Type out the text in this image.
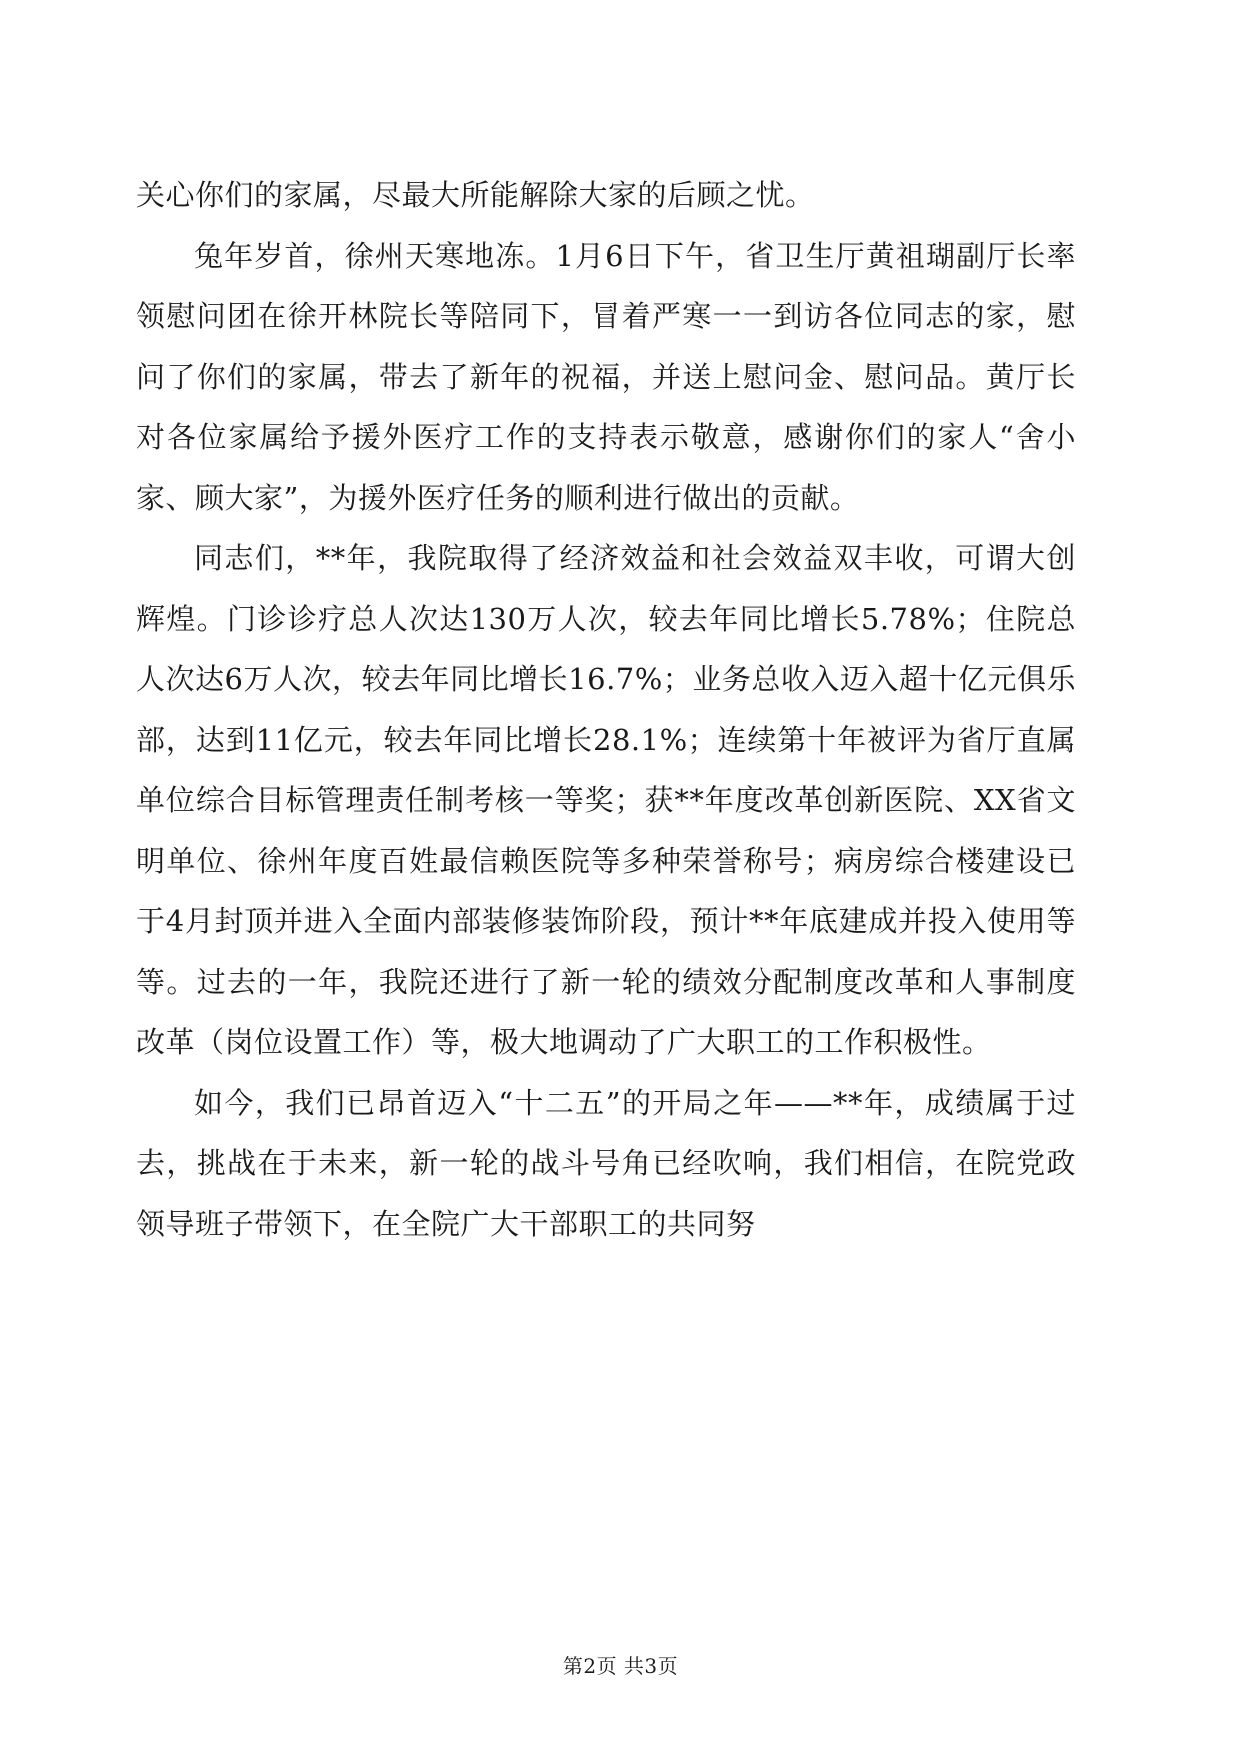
关心你们的家属，尽最大所能解除大家的后顾之忧。

兔年岁首，徐州天寒地冻。1月6日下午，省卫生厅黄祖瑚副厅长率领慰问团在徐开林院长等陪同下，冒着严寒一一到访各位同志的家，慰问了你们的家属，带去了新年的祝福，并送上慰问金、慰问品。黄厅长对各位家属给予援外医疗工作的支持表示敬意，感谢你们的家人“舍小家、顾大家”，为援外医疗任务的顺利进行做出的贡献。

同志们，**年，我院取得了经济效益和社会效益双丰收，可谓大创辉煌。门诊诊疗总人次达130万人次，较去年同比增长5.78%；住院总人次达6万人次，较去年同比增长16.7%；业务总收入迈入超十亿元俱乐部，达到11亿元，较去年同比增长28.1%；连续第十年被评为省厅直属单位综合目标管理责任制考核一等奖；获**年度改革创新医院、XX省文明单位、徐州年度百姓最信赖医院等多种荣誉称号；病房综合楼建设已于4月封顶并进入全面内部装修装饰阶段，预计**年底建成并投入使用等等。过去的一年，我院还进行了新一轮的绩效分配制度改革和人事制度改革（岗位设置工作）等，极大地调动了广大职工的工作积极性。

如今，我们已昂首迈入“十二五”的开局之年——**年，成绩属于过去，挑战在于未来，新一轮的战斗号角已经吹响，我们相信，在院党政领导班子带领下，在全院广大干部职工的共同努

第2页 共3页
